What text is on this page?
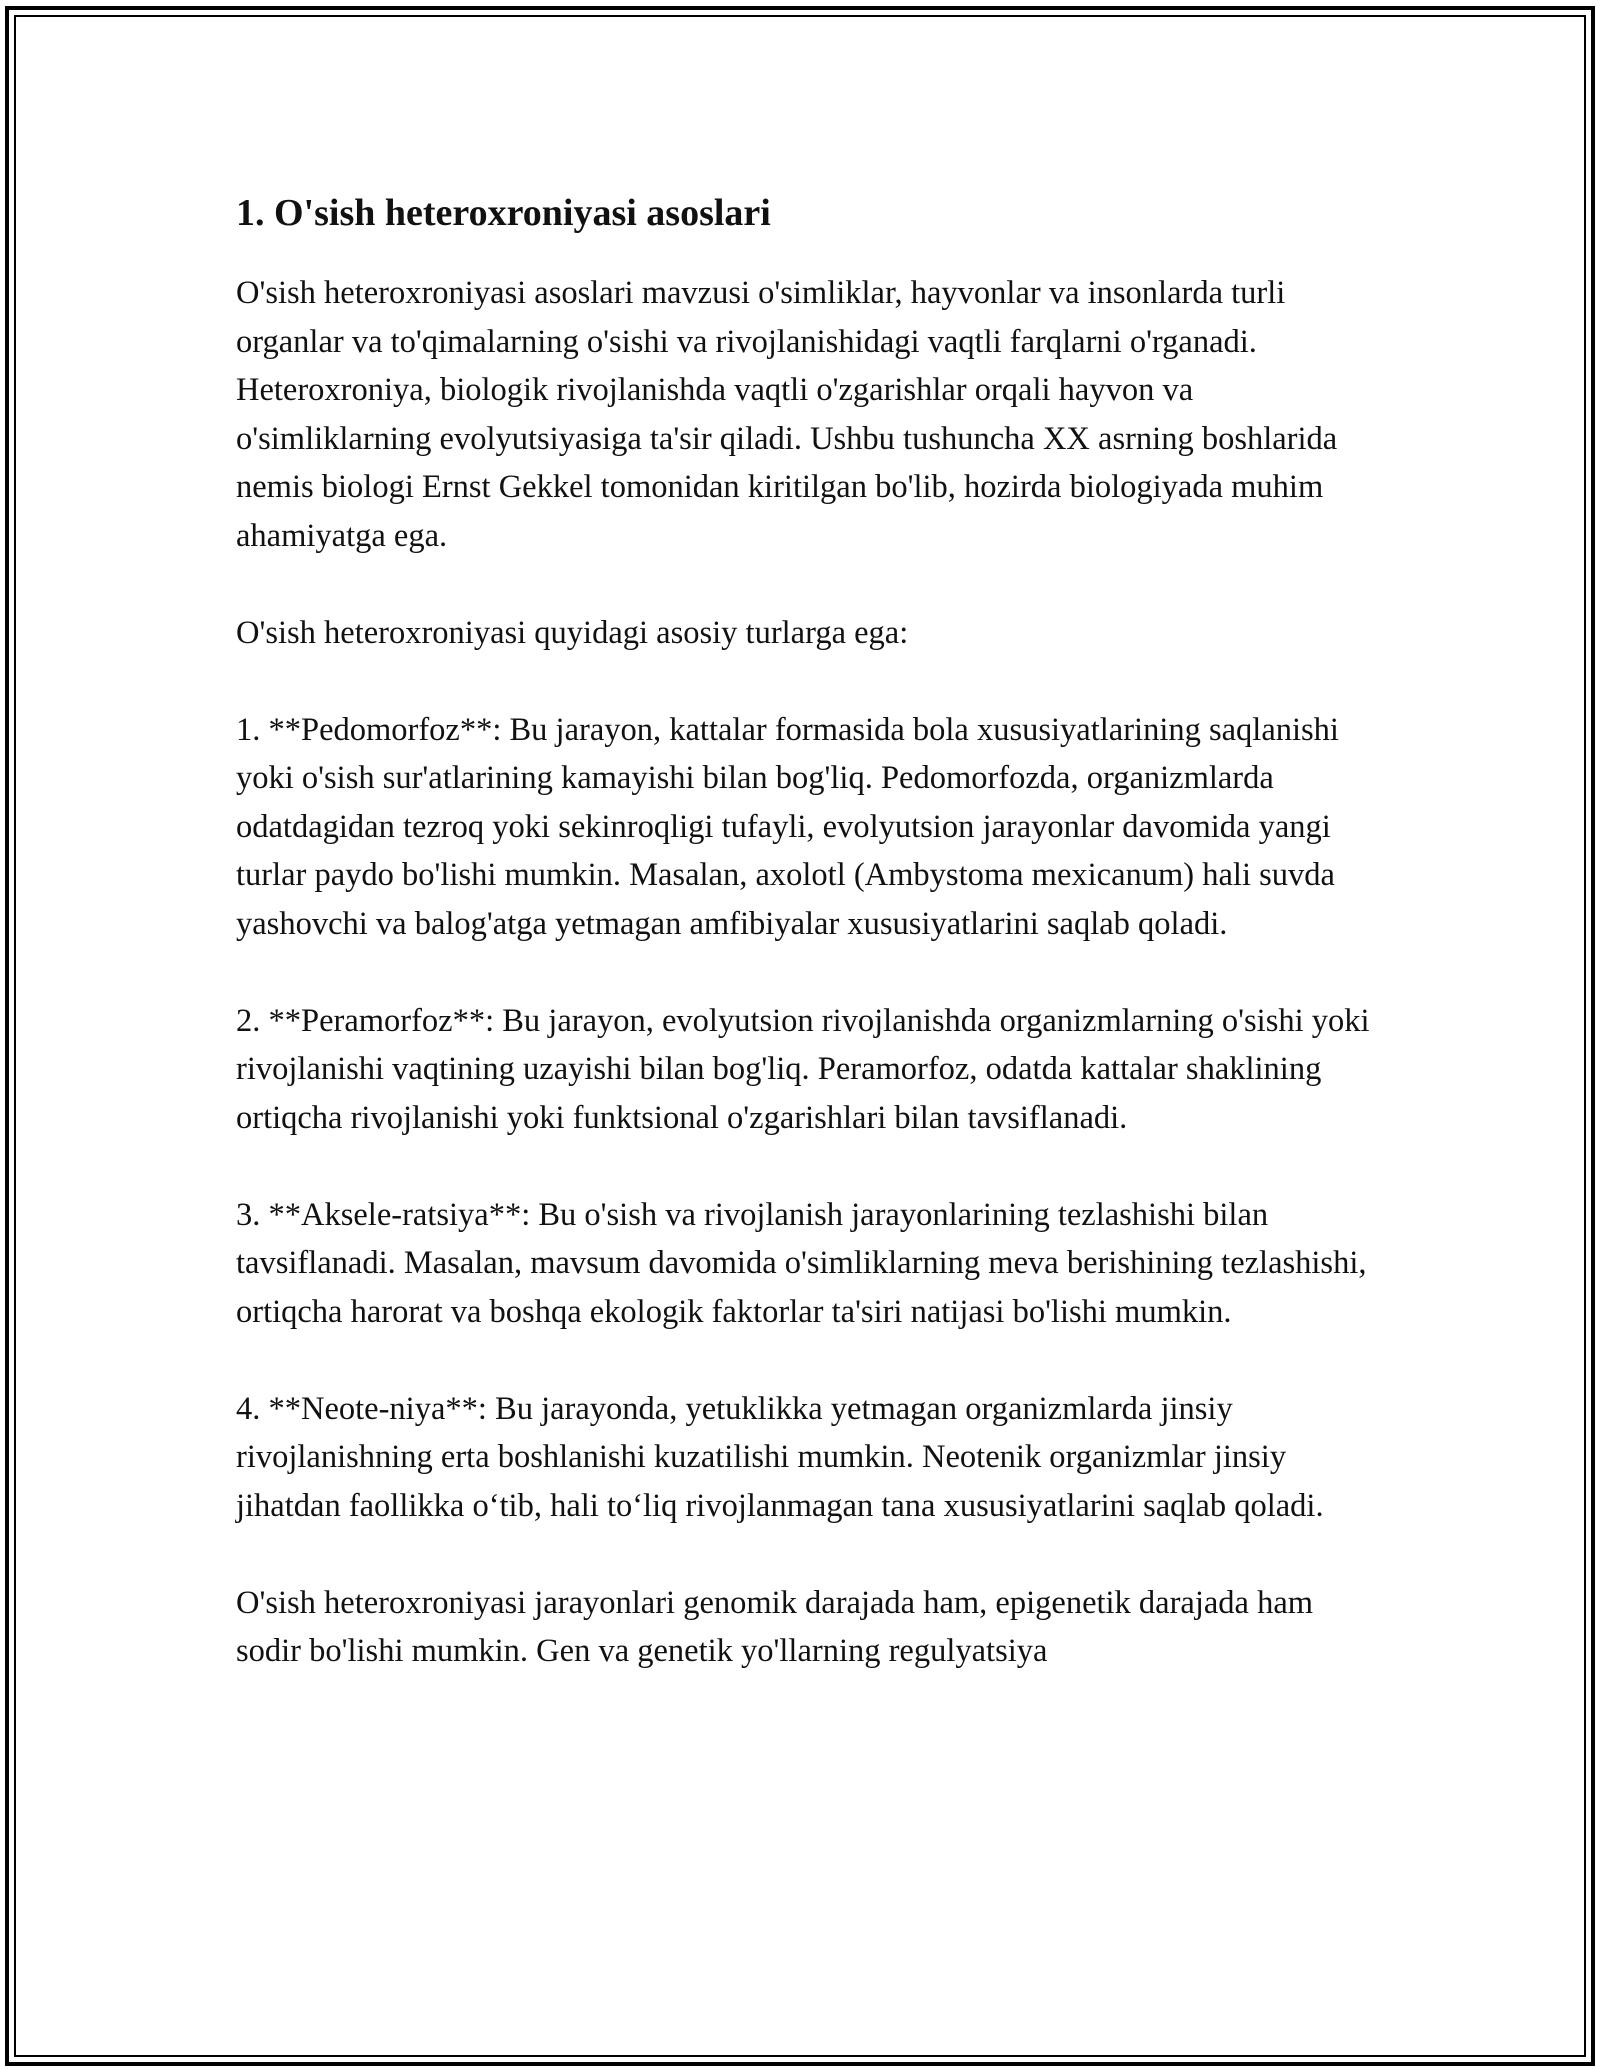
1. O'sish heteroxroniyasi asoslari

O'sish heteroxroniyasi asoslari mavzusi o'simliklar, hayvonlar va insonlarda turli organlar va to'qimalarning o'sishi va rivojlanishidagi vaqtli farqlarni o'rganadi. Heteroxroniya, biologik rivojlanishda vaqtli o'zgarishlar orqali hayvon va o'simliklarning evolyutsiyasiga ta'sir qiladi. Ushbu tushuncha XX asrning boshlarida nemis biologi Ernst Gekkel tomonidan kiritilgan bo'lib, hozirda biologiyada muhim ahamiyatga ega.

O'sish heteroxroniyasi quyidagi asosiy turlarga ega:

1. **Pedomorfoz**: Bu jarayon, kattalar formasida bola xususiyatlarining saqlanishi yoki o'sish sur'atlarining kamayishi bilan bog'liq. Pedomorfozda, organizmlarda odatdagidan tezroq yoki sekinroqligi tufayli, evolyutsion jarayonlar davomida yangi turlar paydo bo'lishi mumkin. Masalan, axolotl (Ambystoma mexicanum) hali suvda yashovchi va balog'atga yetmagan amfibiyalar xususiyatlarini saqlab qoladi.

2. **Peramorfoz**: Bu jarayon, evolyutsion rivojlanishda organizmlarning o'sishi yoki rivojlanishi vaqtining uzayishi bilan bog'liq. Peramorfoz, odatda kattalar shaklining ortiqcha rivojlanishi yoki funktsional o'zgarishlari bilan tavsiflanadi.

3. **Aksele-ratsiya**: Bu o'sish va rivojlanish jarayonlarining tezlashishi bilan tavsiflanadi. Masalan, mavsum davomida o'simliklarning meva berishining tezlashishi, ortiqcha harorat va boshqa ekologik faktorlar ta'siri natijasi bo'lishi mumkin.

4. **Neote-niya**: Bu jarayonda, yetuklikka yetmagan organizmlarda jinsiy rivojlanishning erta boshlanishi kuzatilishi mumkin. Neotenik organizmlar jinsiy jihatdan faollikka o‘tib, hali to‘liq rivojlanmagan tana xususiyatlarini saqlab qoladi.

O'sish heteroxroniyasi jarayonlari genomik darajada ham, epigenetik darajada ham sodir bo'lishi mumkin. Gen va genetik yo'llarning regulyatsiya
